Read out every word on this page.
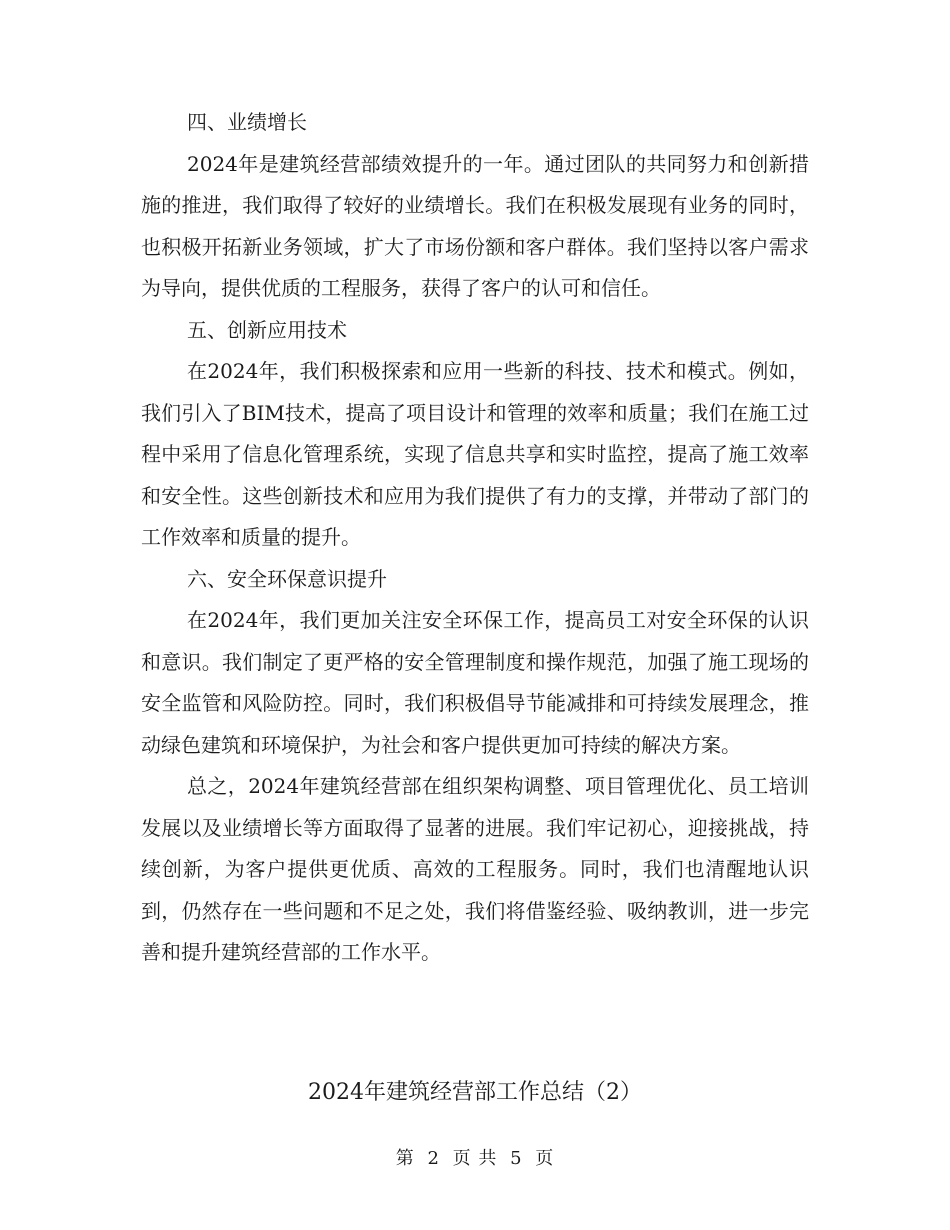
四、业绩增长

2024年是建筑经营部绩效提升的一年。通过团队的共同努力和创新措施的推进，我们取得了较好的业绩增长。我们在积极发展现有业务的同时，也积极开拓新业务领域，扩大了市场份额和客户群体。我们坚持以客户需求为导向，提供优质的工程服务，获得了客户的认可和信任。

五、创新应用技术

在2024年，我们积极探索和应用一些新的科技、技术和模式。例如，我们引入了BIM技术，提高了项目设计和管理的效率和质量；我们在施工过程中采用了信息化管理系统，实现了信息共享和实时监控，提高了施工效率和安全性。这些创新技术和应用为我们提供了有力的支撑，并带动了部门的工作效率和质量的提升。

六、安全环保意识提升

在2024年，我们更加关注安全环保工作，提高员工对安全环保的认识和意识。我们制定了更严格的安全管理制度和操作规范，加强了施工现场的安全监管和风险防控。同时，我们积极倡导节能减排和可持续发展理念，推动绿色建筑和环境保护，为社会和客户提供更加可持续的解决方案。

总之，2024年建筑经营部在组织架构调整、项目管理优化、员工培训发展以及业绩增长等方面取得了显著的进展。我们牢记初心，迎接挑战，持续创新，为客户提供更优质、高效的工程服务。同时，我们也清醒地认识到，仍然存在一些问题和不足之处，我们将借鉴经验、吸纳教训，进一步完善和提升建筑经营部的工作水平。

2024年建筑经营部工作总结（2）
第 2 页 共 5 页
